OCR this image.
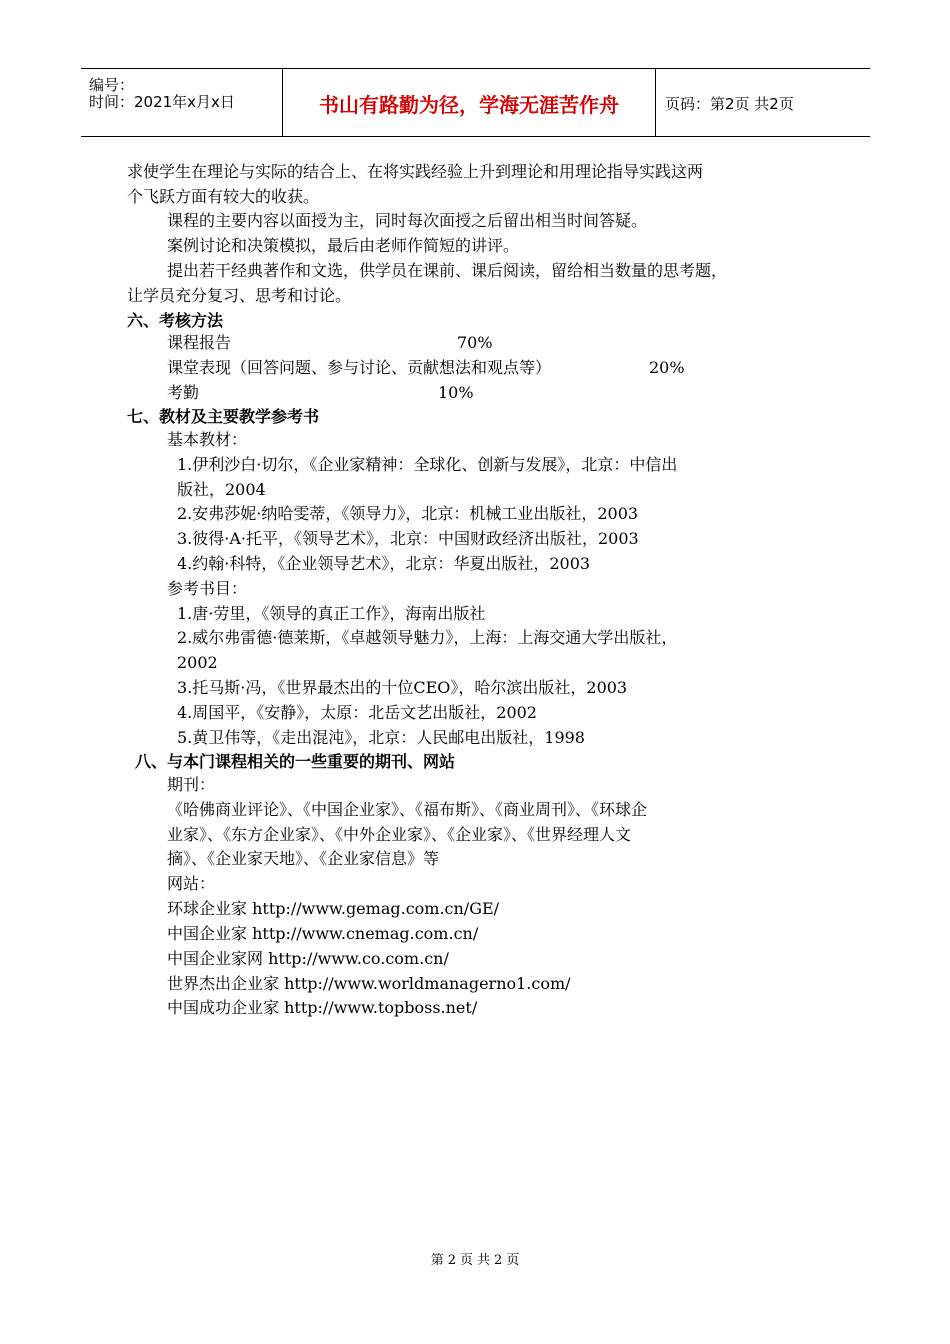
编号：
时间：2021年x月x日	书山有路勤为径，学海无涯苦作舟	页码：第2页 共2页
求使学生在理论与实际的结合上、在将实践经验上升到理论和用理论指导实践这两
个飞跃方面有较大的收获。
课程的主要内容以面授为主，同时每次面授之后留出相当时间答疑。
案例讨论和决策模拟，最后由老师作简短的讲评。
提出若干经典著作和文选，供学员在课前、课后阅读，留给相当数量的思考题，
让学员充分复习、思考和讨论。
六、考核方法
课程报告	70%
课堂表现（回答问题、参与讨论、贡献想法和观点等）	20%
考勤	10%
七、教材及主要教学参考书
基本教材：
1.伊利沙白·切尔，《企业家精神：全球化、创新与发展》，北京：中信出
版社，2004
2.安弗莎妮·纳哈雯蒂，《领导力》，北京：机械工业出版社，2003
3.彼得·A·托平，《领导艺术》，北京：中国财政经济出版社，2003
4.约翰·科特，《企业领导艺术》，北京：华夏出版社，2003
参考书目：
1.唐·劳里，《领导的真正工作》，海南出版社
2.威尔弗雷德·德莱斯，《卓越领导魅力》，上海：上海交通大学出版社，
2002
3.托马斯·冯，《世界最杰出的十位CEO》，哈尔滨出版社，2003
4.周国平，《安静》，太原：北岳文艺出版社，2002
5.黄卫伟等，《走出混沌》，北京：人民邮电出版社，1998
八、与本门课程相关的一些重要的期刊、网站
期刊：
《哈佛商业评论》、《中国企业家》、《福布斯》、《商业周刊》、《环球企
业家》、《东方企业家》、《中外企业家》、《企业家》、《世界经理人文
摘》、《企业家天地》、《企业家信息》等
网站：
环球企业家 http://www.gemag.com.cn/GE/
中国企业家 http://www.cnemag.com.cn/
中国企业家网 http://www.co.com.cn/
世界杰出企业家 http://www.worldmanagerno1.com/
中国成功企业家 http://www.topboss.net/
第 2 页 共 2 页
